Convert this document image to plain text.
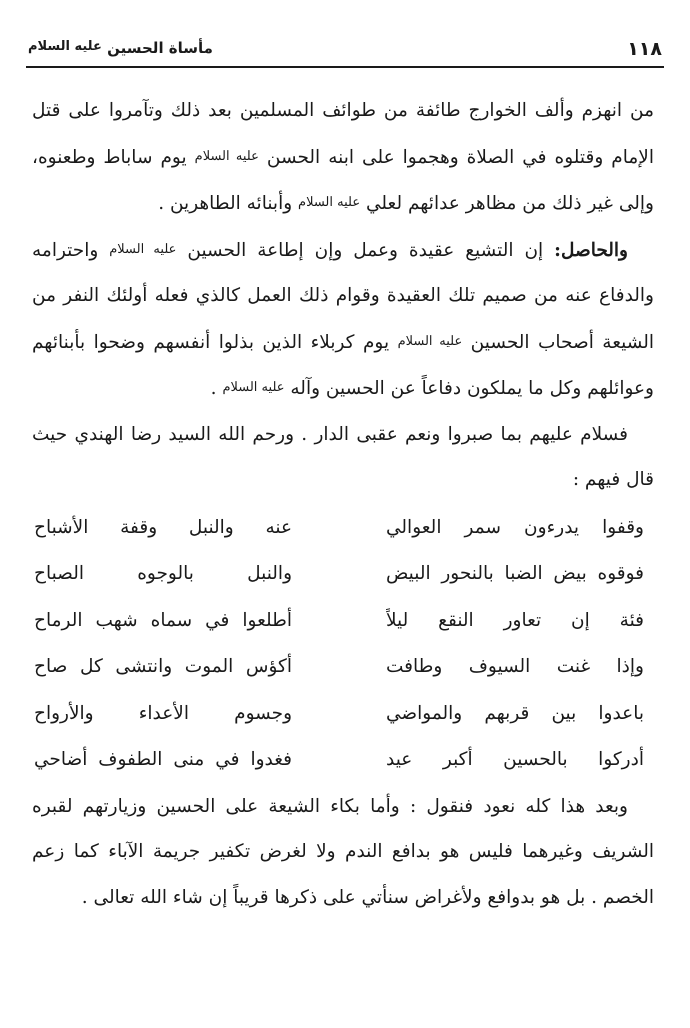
١١٨
مأساة الحسين عليه السلام

من انهزم وألف الخوارج طائفة من طوائف المسلمين بعد ذلك وتآمروا على قتل الإمام وقتلوه في الصلاة وهجموا على ابنه الحسن عليه السلام يوم ساباط وطعنوه، وإلى غير ذلك من مظاهر عدائهم لعلي عليه السلام وأبنائه الطاهرين .

والحاصل: إن التشيع عقيدة وعمل وإن إطاعة الحسين عليه السلام واحترامه والدفاع عنه من صميم تلك العقيدة وقوام ذلك العمل كالذي فعله أولئك النفر من الشيعة أصحاب الحسين عليه السلام يوم كربلاء الذين بذلوا أنفسهم وضحوا بأبنائهم وعوائلهم وكل ما يملكون دفاعاً عن الحسين وآله عليه السلام .

فسلام عليهم بما صبروا ونعم عقبى الدار . ورحم الله السيد رضا الهندي حيث قال فيهم :

وقفوا يدرءون سمر العوالي
عنه والنبل وقفة الأشباح
فوقوه بيض الضبا بالنحور البيض
والنبل بالوجوه الصباح
فئة إن تعاور النقع ليلاً
أطلعوا في سماه شهب الرماح
وإذا غنت السيوف وطافت
أكؤس الموت وانتشى كل صاح
باعدوا بين قربهم والمواضي
وجسوم الأعداء والأرواح
أدركوا بالحسين أكبر عيد
فغدوا في منى الطفوف أضاحي

وبعد هذا كله نعود فنقول : وأما بكاء الشيعة على الحسين وزيارتهم لقبره الشريف وغيرهما فليس هو بدافع الندم ولا لغرض تكفير جريمة الآباء كما زعم الخصم . بل هو بدوافع ولأغراض سنأتي على ذكرها قريباً إن شاء الله تعالى .
